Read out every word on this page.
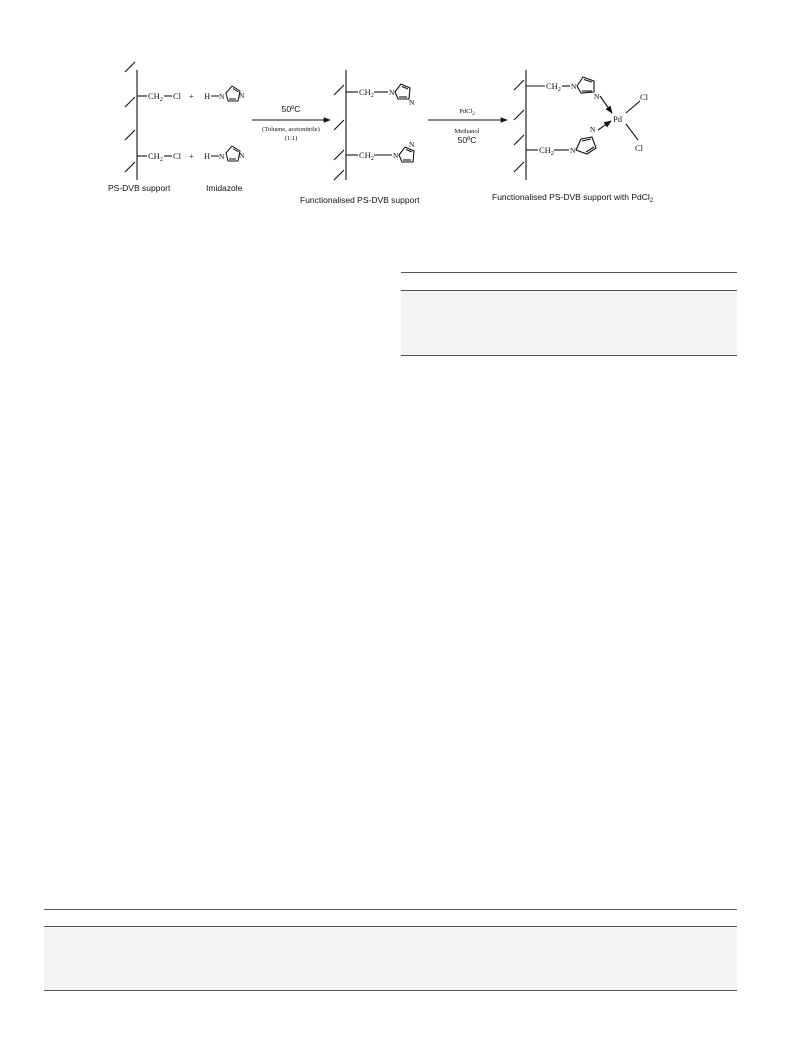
$CH_2$ Cl
$CH_2$ Cl
PS-DVB support
+ H
+ H
N N
N N
Imidazole
50ºC
(Toluene, acetonitrile)
(1:1)
$CH_2$
$CH_2$
N
N
N
N
Functionalised PS-DVB support
PdCl$_2$
Methanol
50ºC
$CH_2$
$CH_2$
Pd
Cl
Cl
N
N
N
N
Functionalised PS-DVB support with PdCl$_2$
